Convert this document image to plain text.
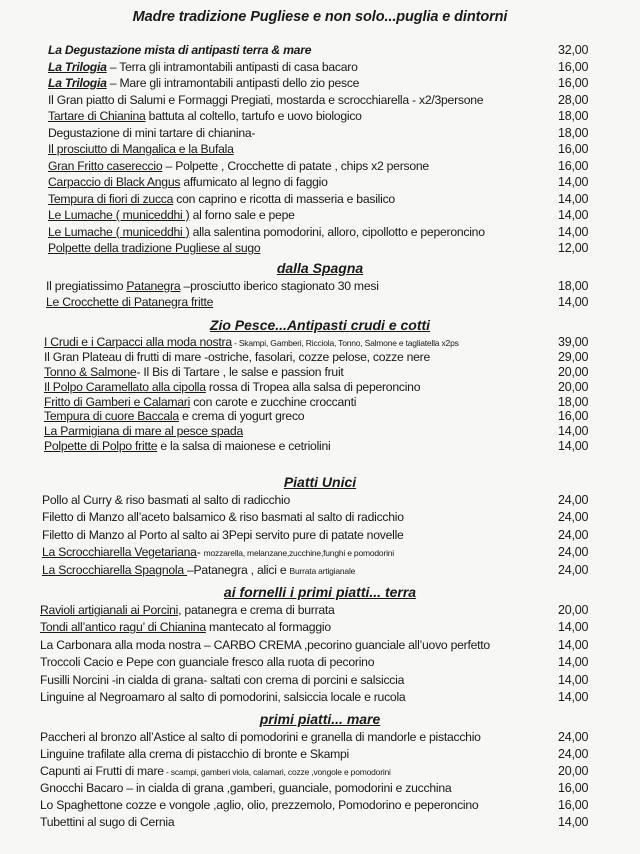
Madre tradizione Pugliese e non solo...puglia e dintorni
La Degustazione mista di antipasti terra & mare	32,00
La Trilogia – Terra gli intramontabili antipasti di casa bacaro	16,00
La Trilogia – Mare gli intramontabili antipasti dello zio pesce	16,00
Il Gran piatto di Salumi e Formaggi Pregiati, mostarda e scrocchiarella - x2/3persone	28,00
Tartare di Chianina battuta al coltello, tartufo e uovo biologico	18,00
Degustazione di mini tartare di chianina-	18,00
Il prosciutto di Mangalica e la Bufala	16,00
Gran Fritto casereccio – Polpette , Crocchette di patate , chips x2 persone	16,00
Carpaccio di Black Angus affumicato al legno di faggio	14,00
Tempura di fiori di zucca con caprino e ricotta di masseria e basilico	14,00
Le Lumache ( municeddhi ) al forno sale e pepe	14,00
Le Lumache ( municeddhi ) alla salentina pomodorini, alloro, cipollotto e peperoncino	14,00
Polpette della tradizione Pugliese al sugo	12,00
dalla Spagna
Il pregiatissimo Patanegra –prosciutto iberico stagionato 30 mesi	18,00
Le Crocchette di Patanegra fritte	14,00
Zio Pesce...Antipasti crudi e cotti
I Crudi e i Carpacci alla moda nostra - Skampi, Gamberi, Ricciola, Tonno, Salmone e tagliatella x2ps	39,00
Il Gran Plateau di frutti di mare -ostriche, fasolari, cozze pelose, cozze nere	29,00
Tonno & Salmone- Il Bis di Tartare , le salse e passion fruit	20,00
Il Polpo Caramellato alla cipolla rossa di Tropea alla salsa di peperoncino	20,00
Fritto di Gamberi e Calamari con carote e zucchine croccanti	18,00
Tempura di cuore Baccala e crema di yogurt greco	16,00
La Parmigiana di mare al pesce spada	14,00
Polpette di Polpo fritte e la salsa di maionese e cetriolini	14,00
Piatti Unici
Pollo al Curry & riso basmati al salto di radicchio	24,00
Filetto di Manzo all’aceto balsamico & riso basmati al salto di radicchio	24,00
Filetto di Manzo al Porto al salto ai 3Pepi servito pure di patate novelle	24,00
La Scrocchiarella Vegetariana- mozzarella, melanzane,zucchine,funghi e pomodorini	24,00
La Scrocchiarella Spagnola –Patanegra , alici e Burrata artigianale	24,00
ai fornelli i primi piatti... terra
Ravioli artigianali ai Porcini, patanegra e crema di burrata	20,00
Tondi all’antico ragu’ di Chianina mantecato al formaggio	14,00
La Carbonara alla moda nostra – CARBO CREMA ,pecorino guanciale all’uovo perfetto	14,00
Troccoli Cacio e Pepe con guanciale fresco alla ruota di pecorino	14,00
Fusilli Norcini -in cialda di grana- saltati con crema di porcini e salsiccia	14,00
Linguine al Negroamaro al salto di pomodorini, salsiccia locale e rucola	14,00
primi piatti... mare
Paccheri al bronzo all’Astice al salto di pomodorini e granella di mandorle e pistacchio	24,00
Linguine trafilate alla crema di pistacchio di bronte e Skampi	24,00
Capunti ai Frutti di mare - scampi, gamberi viola, calamari, cozze ,vongole e pomodorini	20,00
Gnocchi Bacaro – in cialda di grana ,gamberi, guanciale, pomodorini e zucchina	16,00
Lo Spaghettone cozze e vongole ,aglio, olio, prezzemolo, Pomodorino e peperoncino	16,00
Tubettini al sugo di Cernia	14,00
